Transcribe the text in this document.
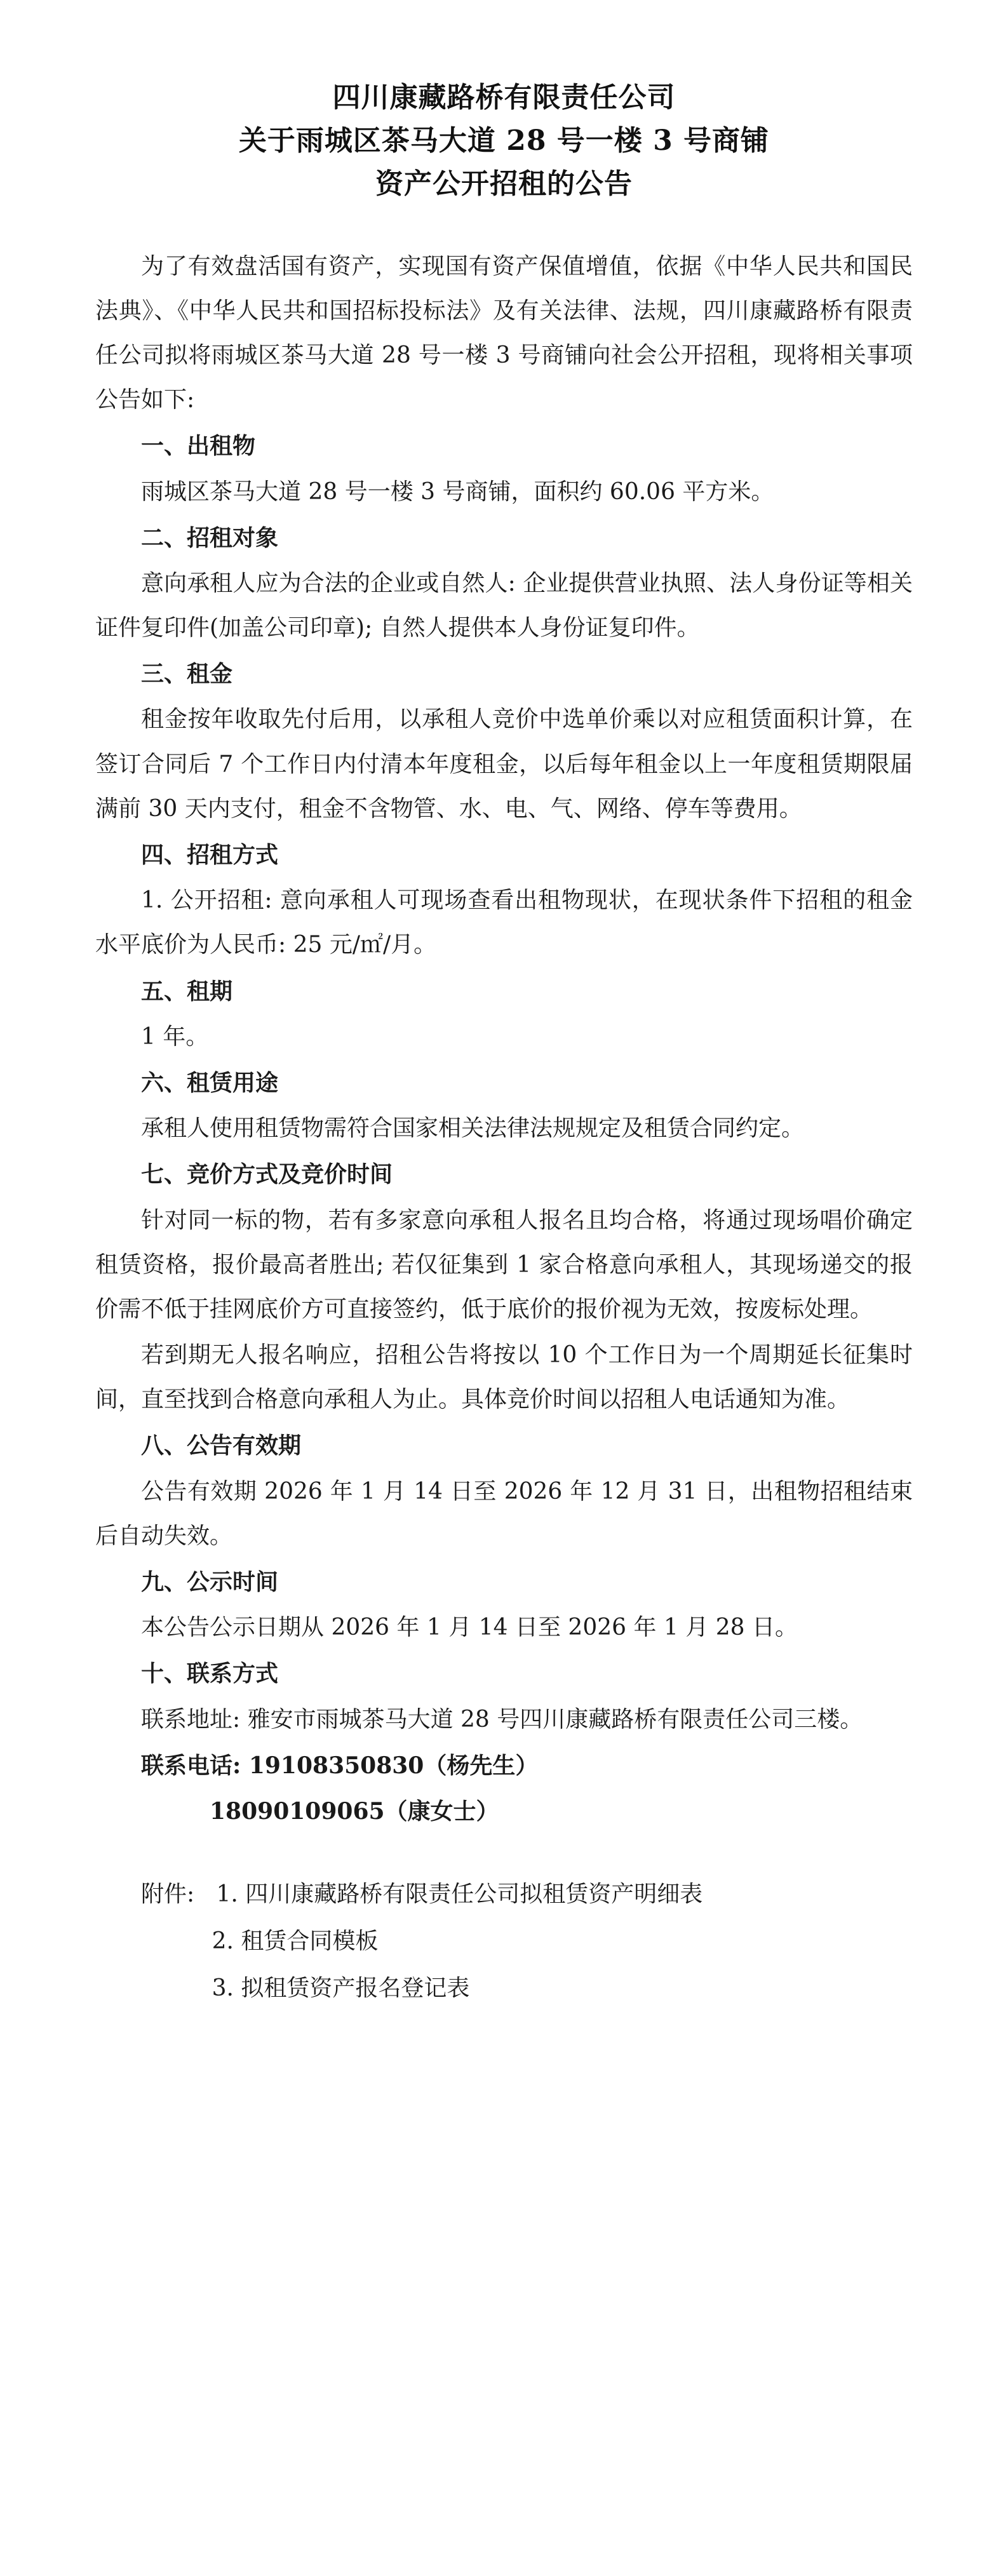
四川康藏路桥有限责任公司
关于雨城区茶马大道 28 号一楼 3 号商铺
资产公开招租的公告

为了有效盘活国有资产，实现国有资产保值增值，依据《中华人民共和国民法典》、《中华人民共和国招标投标法》及有关法律、法规，四川康藏路桥有限责任公司拟将雨城区茶马大道 28 号一楼 3 号商铺向社会公开招租，现将相关事项公告如下:

一、出租物

雨城区茶马大道 28 号一楼 3 号商铺，面积约 60.06 平方米。

二、招租对象

意向承租人应为合法的企业或自然人: 企业提供营业执照、法人身份证等相关证件复印件(加盖公司印章); 自然人提供本人身份证复印件。

三、租金

租金按年收取先付后用，以承租人竞价中选单价乘以对应租赁面积计算，在签订合同后 7 个工作日内付清本年度租金，以后每年租金以上一年度租赁期限届满前 30 天内支付，租金不含物管、水、电、气、网络、停车等费用。

四、招租方式

1. 公开招租: 意向承租人可现场查看出租物现状，在现状条件下招租的租金水平底价为人民币: 25 元/㎡/月。

五、租期

1 年。

六、租赁用途

承租人使用租赁物需符合国家相关法律法规规定及租赁合同约定。

七、竞价方式及竞价时间

针对同一标的物，若有多家意向承租人报名且均合格，将通过现场唱价确定租赁资格，报价最高者胜出; 若仅征集到 1 家合格意向承租人，其现场递交的报价需不低于挂网底价方可直接签约，低于底价的报价视为无效，按废标处理。

若到期无人报名响应，招租公告将按以 10 个工作日为一个周期延长征集时间，直至找到合格意向承租人为止。具体竞价时间以招租人电话通知为准。

八、公告有效期

公告有效期 2026 年 1 月 14 日至 2026 年 12 月 31 日，出租物招租结束后自动失效。

九、公示时间

本公告公示日期从 2026 年 1 月 14 日至 2026 年 1 月 28 日。

十、联系方式

联系地址: 雅安市雨城茶马大道 28 号四川康藏路桥有限责任公司三楼。

联系电话: 19108350830（杨先生）

18090109065（康女士）

附件: 1. 四川康藏路桥有限责任公司拟租赁资产明细表

2. 租赁合同模板

3. 拟租赁资产报名登记表
